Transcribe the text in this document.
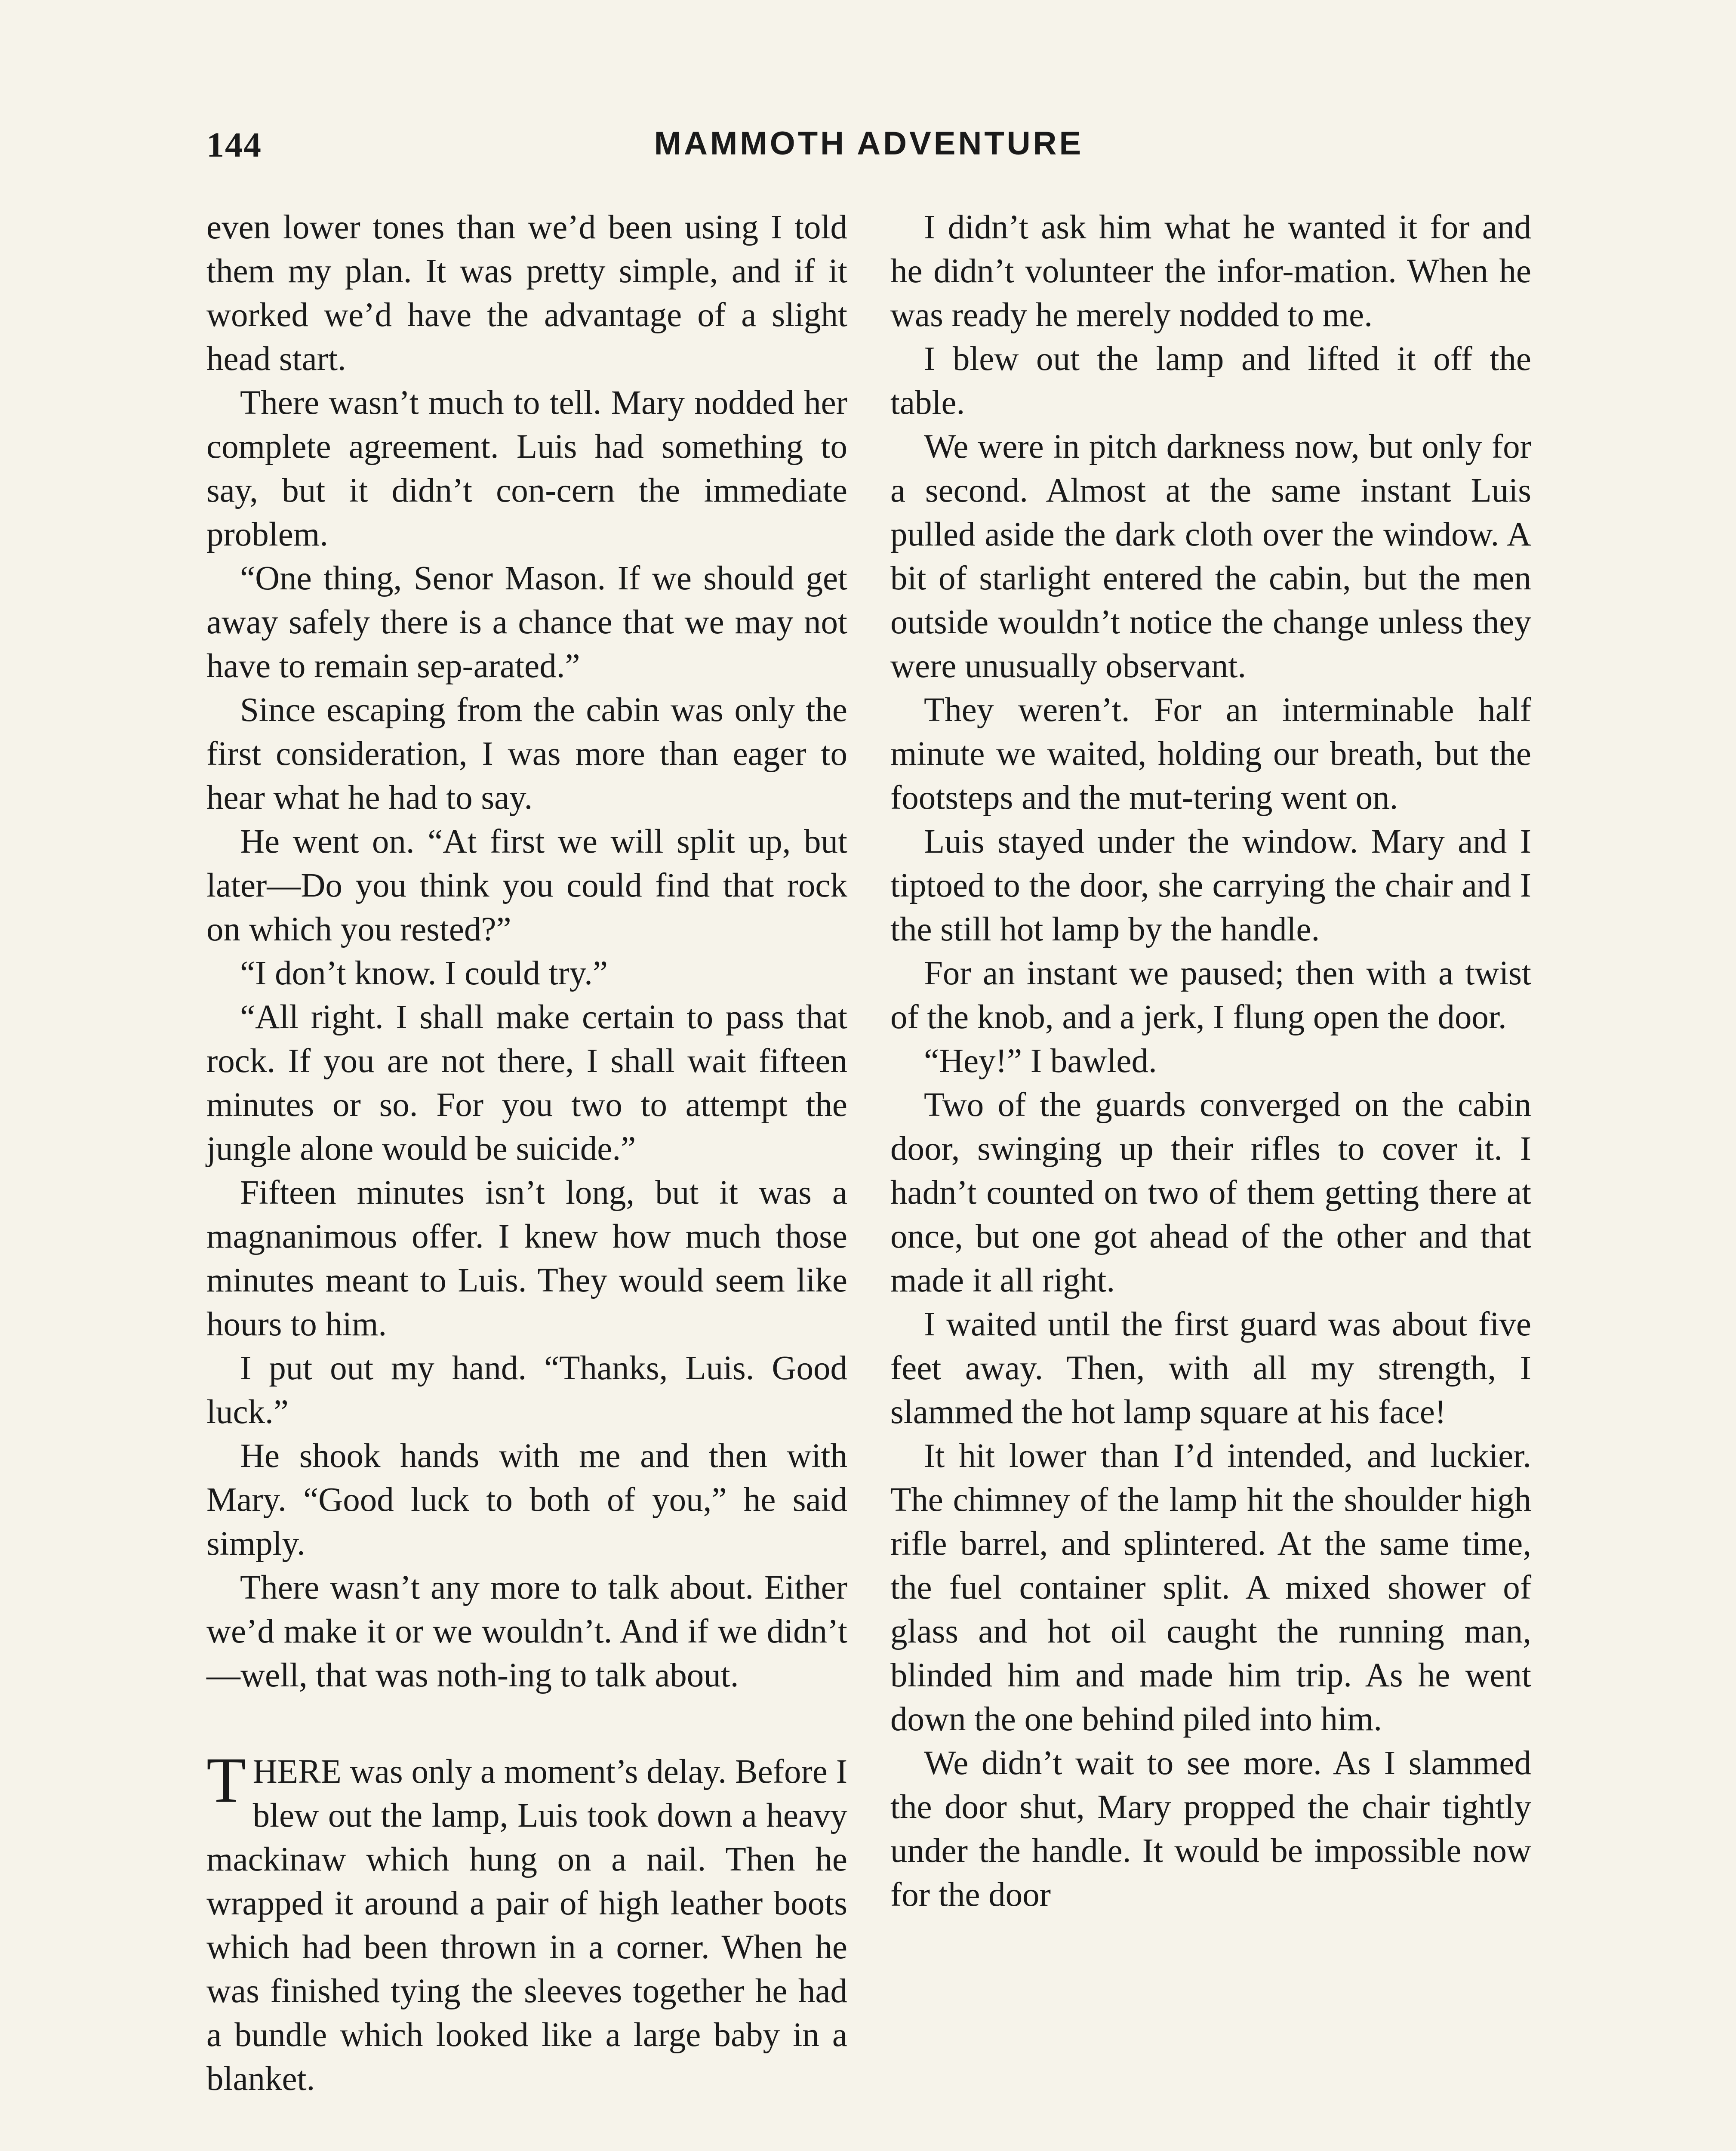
144	MAMMOTH ADVENTURE

even lower tones than we’d been using I told them my plan. It was pretty simple, and if it worked we’d have the advantage of a slight head start.

There wasn’t much to tell. Mary nodded her complete agreement. Luis had something to say, but it didn’t con-cern the immediate problem.

“One thing, Senor Mason. If we should get away safely there is a chance that we may not have to remain sep-arated.”

Since escaping from the cabin was only the first consideration, I was more than eager to hear what he had to say.

He went on. “At first we will split up, but later—Do you think you could find that rock on which you rested?”

“I don’t know. I could try.”

“All right. I shall make certain to pass that rock. If you are not there, I shall wait fifteen minutes or so. For you two to attempt the jungle alone would be suicide.”

Fifteen minutes isn’t long, but it was a magnanimous offer. I knew how much those minutes meant to Luis. They would seem like hours to him.

I put out my hand. “Thanks, Luis. Good luck.”

He shook hands with me and then with Mary. “Good luck to both of you,” he said simply.

There wasn’t any more to talk about. Either we’d make it or we wouldn’t. And if we didn’t—well, that was noth-ing to talk about.

THERE was only a moment’s delay. Before I blew out the lamp, Luis took down a heavy mackinaw which hung on a nail. Then he wrapped it around a pair of high leather boots which had been thrown in a corner. When he was finished tying the sleeves together he had a bundle which looked like a large baby in a blanket.

I didn’t ask him what he wanted it for and he didn’t volunteer the infor-mation. When he was ready he merely nodded to me.

I blew out the lamp and lifted it off the table.

We were in pitch darkness now, but only for a second. Almost at the same instant Luis pulled aside the dark cloth over the window. A bit of starlight entered the cabin, but the men outside wouldn’t notice the change unless they were unusually observant.

They weren’t. For an interminable half minute we waited, holding our breath, but the footsteps and the mut-tering went on.

Luis stayed under the window. Mary and I tiptoed to the door, she carrying the chair and I the still hot lamp by the handle.

For an instant we paused; then with a twist of the knob, and a jerk, I flung open the door.

“Hey!” I bawled.

Two of the guards converged on the cabin door, swinging up their rifles to cover it. I hadn’t counted on two of them getting there at once, but one got ahead of the other and that made it all right.

I waited until the first guard was about five feet away. Then, with all my strength, I slammed the hot lamp square at his face!

It hit lower than I’d intended, and luckier. The chimney of the lamp hit the shoulder high rifle barrel, and splintered. At the same time, the fuel container split. A mixed shower of glass and hot oil caught the running man, blinded him and made him trip. As he went down the one behind piled into him.

We didn’t wait to see more. As I slammed the door shut, Mary propped the chair tightly under the handle. It would be impossible now for the door
